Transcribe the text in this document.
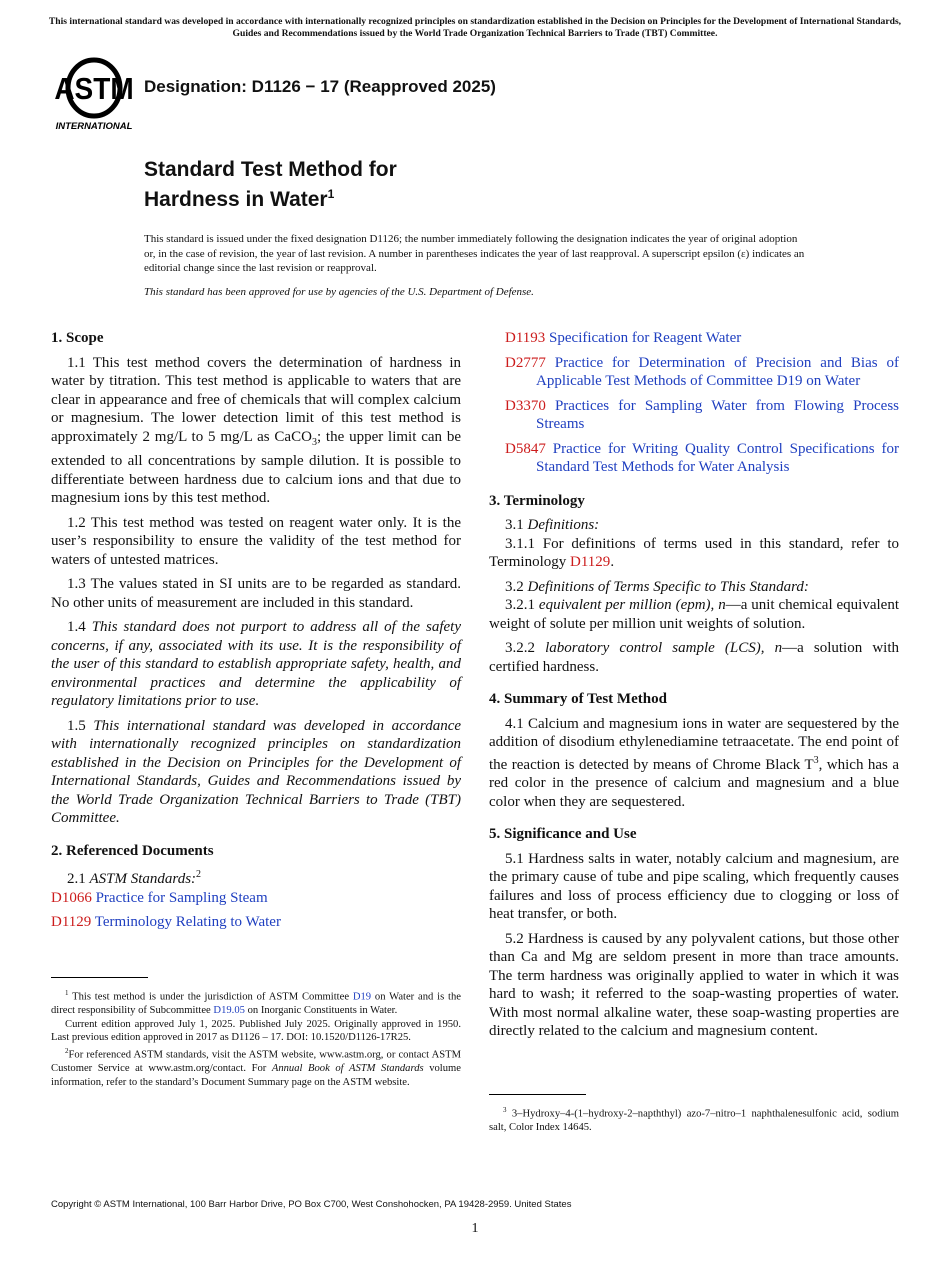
This international standard was developed in accordance with internationally recognized principles on standardization established in the Decision on Principles for the Development of International Standards, Guides and Recommendations issued by the World Trade Organization Technical Barriers to Trade (TBT) Committee.
ASTM
INTERNATIONAL
Designation: D1126 − 17 (Reapproved 2025)
Standard Test Method for
Hardness in Water$^1$

This standard is issued under the fixed designation D1126; the number immediately following the designation indicates the year of original adoption or, in the case of revision, the year of last revision. A number in parentheses indicates the year of last reapproval. A superscript epsilon (ε) indicates an editorial change since the last revision or reapproval.

This standard has been approved for use by agencies of the U.S. Department of Defense.

1. Scope

1.1 This test method covers the determination of hardness in water by titration. This test method is applicable to waters that are clear in appearance and free of chemicals that will complex calcium or magnesium. The lower detection limit of this test method is approximately 2 mg/L to 5 mg/L as CaCO$_3$; the upper limit can be extended to all concentrations by sample dilution. It is possible to differentiate between hardness due to calcium ions and that due to magnesium ions by this test method.

1.2 This test method was tested on reagent water only. It is the user’s responsibility to ensure the validity of the test method for waters of untested matrices.

1.3 The values stated in SI units are to be regarded as standard. No other units of measurement are included in this standard.

1.4 This standard does not purport to address all of the safety concerns, if any, associated with its use. It is the responsibility of the user of this standard to establish appropriate safety, health, and environmental practices and determine the applicability of regulatory limitations prior to use.

1.5 This international standard was developed in accordance with internationally recognized principles on standardization established in the Decision on Principles for the Development of International Standards, Guides and Recommendations issued by the World Trade Organization Technical Barriers to Trade (TBT) Committee.

2. Referenced Documents

2.1 ASTM Standards:$^2$

D1066 Practice for Sampling Steam

D1129 Terminology Relating to Water

$^1$ This test method is under the jurisdiction of ASTM Committee D19 on Water and is the direct responsibility of Subcommittee D19.05 on Inorganic Constituents in Water.

Current edition approved July 1, 2025. Published July 2025. Originally approved in 1950. Last previous edition approved in 2017 as D1126 – 17. DOI: 10.1520/D1126-17R25.

$^2$For referenced ASTM standards, visit the ASTM website, www.astm.org, or contact ASTM Customer Service at www.astm.org/contact. For Annual Book of ASTM Standards volume information, refer to the standard’s Document Summary page on the ASTM website.

D1193 Specification for Reagent Water

D2777 Practice for Determination of Precision and Bias of Applicable Test Methods of Committee D19 on Water

D3370 Practices for Sampling Water from Flowing Process Streams

D5847 Practice for Writing Quality Control Specifications for Standard Test Methods for Water Analysis

3. Terminology

3.1 Definitions:

3.1.1 For definitions of terms used in this standard, refer to Terminology D1129.

3.2 Definitions of Terms Specific to This Standard:

3.2.1 equivalent per million (epm), n—a unit chemical equivalent weight of solute per million unit weights of solution.

3.2.2 laboratory control sample (LCS), n—a solution with certified hardness.

4. Summary of Test Method

4.1 Calcium and magnesium ions in water are sequestered by the addition of disodium ethylenediamine tetraacetate. The end point of the reaction is detected by means of Chrome Black $T^3$, which has a red color in the presence of calcium and magnesium and a blue color when they are sequestered.

5. Significance and Use

5.1 Hardness salts in water, notably calcium and magnesium, are the primary cause of tube and pipe scaling, which frequently causes failures and loss of process efficiency due to clogging or loss of heat transfer, or both.

5.2 Hardness is caused by any polyvalent cations, but those other than Ca and Mg are seldom present in more than trace amounts. The term hardness was originally applied to water in which it was hard to wash; it referred to the soap-wasting properties of water. With most normal alkaline water, these soap-wasting properties are directly related to the calcium and magnesium content.

$^3$ 3–Hydroxy–4-(1–hydroxy-2–napththyl) azo-7–nitro–1 naphthalenesulfonic acid, sodium salt, Color Index 14645.

Copyright © ASTM International, 100 Barr Harbor Drive, PO Box C700, West Conshohocken, PA 19428-2959. United States
1
